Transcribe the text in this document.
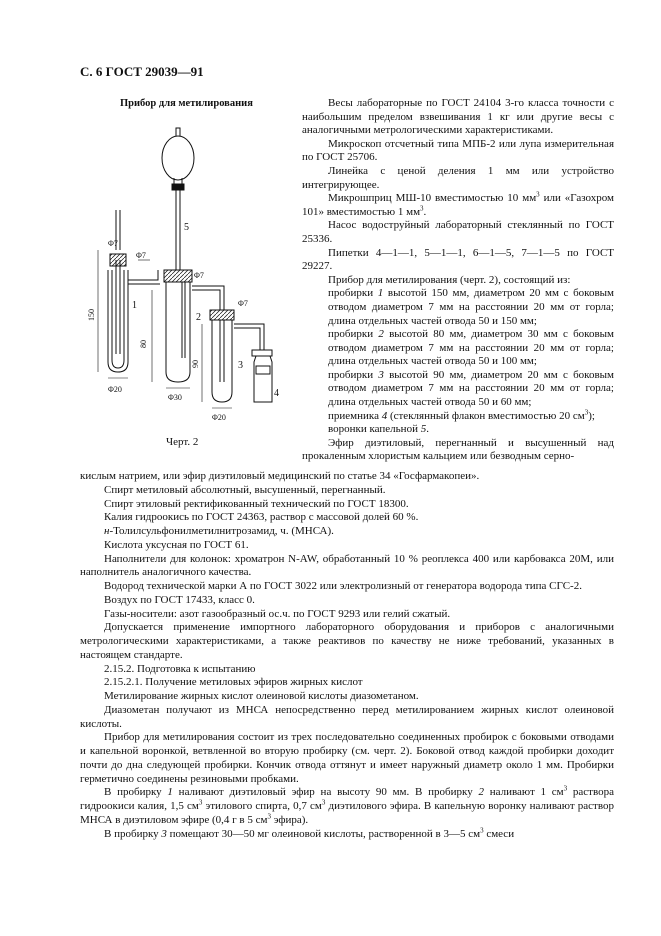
С. 6 ГОСТ 29039—91
Прибор для метилирования
1
2
3
4
5
Φ7
Φ7
Φ7
Φ7
150
80
90
Φ20
Φ30
Φ20
Черт. 2

Весы лабораторные по ГОСТ 24104 3-го класса точности с наибольшим пределом взвешивания 1 кг или другие весы с аналогичными метрологическими характеристиками.

Микроскоп отсчетный типа МПБ-2 или лупа измерительная по ГОСТ 25706.

Линейка с ценой деления 1 мм или устройство интегрирующее.

Микрошприц МШ-10 вместимостью 10 $мм^3$ или «Газохром 101» вместимостью 1 $мм^3$.

Насос водоструйный лабораторный стеклянный по ГОСТ 25336.

Пипетки 4—1—1, 5—1—1, 6—1—5, 7—1—5 по ГОСТ 29227.

Прибор для метилирования (черт. 2), состоящий из:

пробирки 1 высотой 150 мм, диаметром 20 мм с боковым отводом диаметром 7 мм на расстоянии 20 мм от горла; длина отдельных частей отвода 50 и 150 мм;

пробирки 2 высотой 80 мм, диаметром 30 мм с боковым отводом диаметром 7 мм на расстоянии 20 мм от горла; длина отдельных частей отвода 50 и 100 мм;

пробирки 3 высотой 90 мм, диаметром 20 мм с боковым отводом диаметром 7 мм на расстоянии 20 мм от горла; длина отдельных частей отвода 50 и 60 мм;

приемника 4 (стеклянный флакон вместимостью 20 $см^3$);

воронки капельной 5.

Эфир диэтиловый, перегнанный и высушенный над прокаленным хлористым кальцием или безводным серно-

кислым натрием, или эфир диэтиловый медицинский по статье 34 «Госфармакопеи».

Спирт метиловый абсолютный, высушенный, перегнанный.

Спирт этиловый ректификованный технический по ГОСТ 18300.

Калия гидроокись по ГОСТ 24363, раствор с массовой долей 60 %.

н-Толилсульфонилметилнитрозамид, ч. (МНСА).

Кислота уксусная по ГОСТ 61.

Наполнители для колонок: хроматрон N-AW, обработанный 10 % реоплекса 400 или карбовакса 20М, или наполнитель аналогичного качества.

Водород технической марки А по ГОСТ 3022 или электролизный от генератора водорода типа СГС-2.

Воздух по ГОСТ 17433, класс 0.

Газы-носители: азот газообразный ос.ч. по ГОСТ 9293 или гелий сжатый.

Допускается применение импортного лабораторного оборудования и приборов с аналогичными метрологическими характеристиками, а также реактивов по качеству не ниже требований, указанных в настоящем стандарте.

2.15.2. Подготовка к испытанию

2.15.2.1. Получение метиловых эфиров жирных кислот

Метилирование жирных кислот олеиновой кислоты диазометаном.

Диазометан получают из МНСА непосредственно перед метилированием жирных кислот олеиновой кислоты.

Прибор для метилирования состоит из трех последовательно соединенных пробирок с боковыми отводами и капельной воронкой, ветвленной во вторую пробирку (см. черт. 2). Боковой отвод каждой пробирки доходит почти до дна следующей пробирки. Кончик отвода оттянут и имеет наружный диаметр около 1 мм. Пробирки герметично соединены резиновыми пробками.

В пробирку 1 наливают диэтиловый эфир на высоту 90 мм. В пробирку 2 наливают 1 $см^3$ раствора гидроокиси калия, 1,5 $см^3$ этилового спирта, 0,7 $см^3$ диэтилового эфира. В капельную воронку наливают раствор МНСА в диэтиловом эфире (0,4 г в 5 $см^3$ эфира).

В пробирку 3 помещают 30—50 мг олеиновой кислоты, растворенной в 3—5 $см^3$ смеси
